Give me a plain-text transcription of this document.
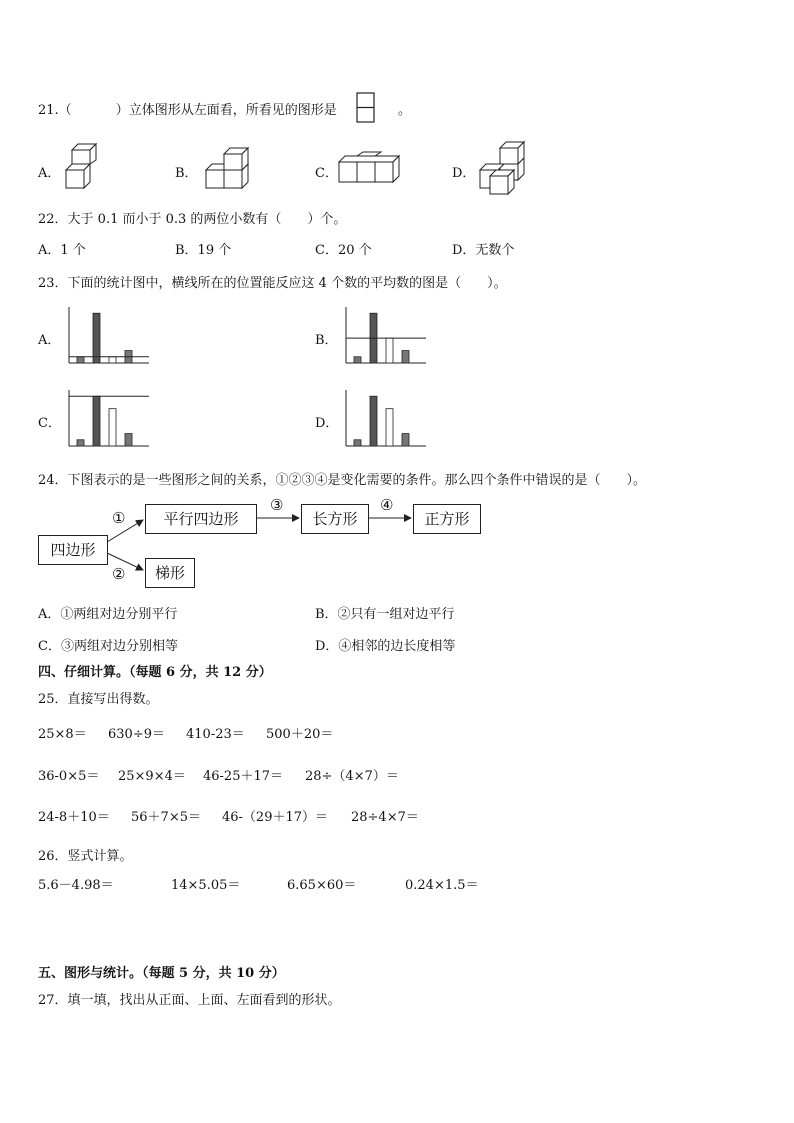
21.（	）立体图形从左面看，所看见的图形是	。
A．	B．	C．	D．
22．大于 0.1 而小于 0.3 的两位小数有（　　）个。
A．1 个	B．19 个	C．20 个	D．无数个
23．下面的统计图中，横线所在的位置能反应这 4 个数的平均数的图是（　　）。
A．	B．
C．	D．
24．下图表示的是一些图形之间的关系，①②③④是变化需要的条件。那么四个条件中错误的是（　　）。
四边形
平行四边形	长方形	正方形
梯形
①
②
③	④
A．①两组对边分别平行	B．②只有一组对边平行
C．③两组对边分别相等	D．④相邻的边长度相等
四、仔细计算。（每题 6 分，共 12 分）
25．直接写出得数。
25×8＝ 630÷9＝ 410-23＝ 500＋20＝
36-0×5＝ 25×9×4＝ 46-25＋17＝ 28÷（4×7）＝
24-8＋10＝ 56＋7×5＝ 46-（29＋17）＝ 28÷4×7＝
26．竖式计算。
5.6－4.98＝	14×5.05＝	6.65×60＝	0.24×1.5＝
五、图形与统计。（每题 5 分，共 10 分）
27．填一填，找出从正面、上面、左面看到的形状。
